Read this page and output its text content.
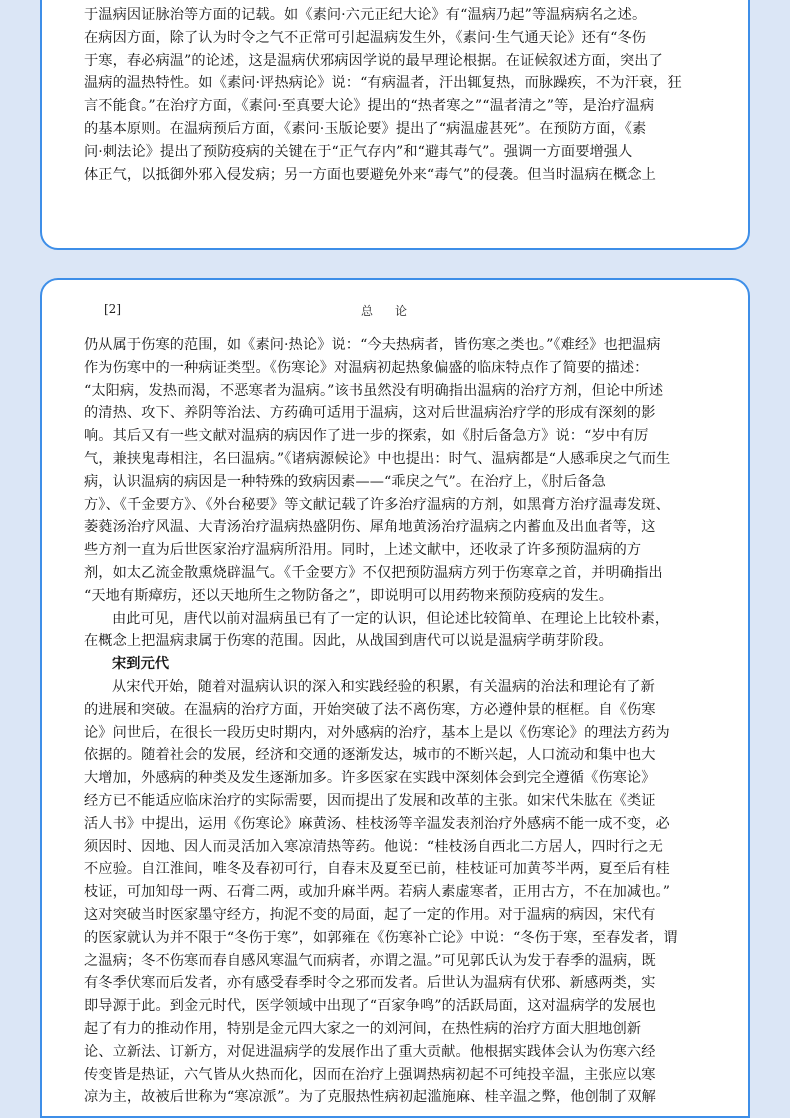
于温病因证脉治等方面的记载。如《素问·六元正纪大论》有“温病乃起”等温病病名之述。

在病因方面，除了认为时令之气不正常可引起温病发生外，《素问·生气通天论》还有“冬伤

于寒，春必病温”的论述，这是温病伏邪病因学说的最早理论根据。在证候叙述方面，突出了

温病的温热特性。如《素问·评热病论》说：“有病温者，汗出辄复热，而脉躁疾，不为汗衰，狂

言不能食。”在治疗方面，《素问·至真要大论》提出的“热者寒之”“温者清之”等，是治疗温病

的基本原则。在温病预后方面，《素问·玉版论要》提出了“病温虚甚死”。在预防方面，《素

问·刺法论》提出了预防疫病的关键在于“正气存内”和“避其毒气”。强调一方面要增强人

体正气，以抵御外邪入侵发病；另一方面也要避免外来“毒气”的侵袭。但当时温病在概念上

[2]	总论

仍从属于伤寒的范围，如《素问·热论》说：“今夫热病者，皆伤寒之类也。”《难经》也把温病

作为伤寒中的一种病证类型。《伤寒论》对温病初起热象偏盛的临床特点作了简要的描述：

“太阳病，发热而渴，不恶寒者为温病。”该书虽然没有明确指出温病的治疗方剂，但论中所述

的清热、攻下、养阴等治法、方药确可适用于温病，这对后世温病治疗学的形成有深刻的影

响。其后又有一些文献对温病的病因作了进一步的探索，如《肘后备急方》说：“岁中有厉

气，兼挟鬼毒相注，名曰温病。”《诸病源候论》中也提出：时气、温病都是“人感乖戾之气而生

病，认识温病的病因是一种特殊的致病因素——“乖戾之气”。在治疗上，《肘后备急

方》、《千金要方》、《外台秘要》等文献记载了许多治疗温病的方剂，如黑膏方治疗温毒发斑、

萎蕤汤治疗风温、大青汤治疗温病热盛阴伤、犀角地黄汤治疗温病之内蓄血及出血者等，这

些方剂一直为后世医家治疗温病所沿用。同时，上述文献中，还收录了许多预防温病的方

剂，如太乙流金散熏烧辟温气。《千金要方》不仅把预防温病方列于伤寒章之首，并明确指出

“天地有斯瘴疠，还以天地所生之物防备之”，即说明可以用药物来预防疫病的发生。

由此可见，唐代以前对温病虽已有了一定的认识，但论述比较简单、在理论上比较朴素，

在概念上把温病隶属于伤寒的范围。因此，从战国到唐代可以说是温病学萌芽阶段。

宋到元代

从宋代开始，随着对温病认识的深入和实践经验的积累，有关温病的治法和理论有了新

的进展和突破。在温病的治疗方面，开始突破了法不离伤寒，方必遵仲景的框框。自《伤寒

论》问世后，在很长一段历史时期内，对外感病的治疗，基本上是以《伤寒论》的理法方药为

依据的。随着社会的发展，经济和交通的逐渐发达，城市的不断兴起，人口流动和集中也大

大增加，外感病的种类及发生逐渐加多。许多医家在实践中深刻体会到完全遵循《伤寒论》

经方已不能适应临床治疗的实际需要，因而提出了发展和改革的主张。如宋代朱肱在《类证

活人书》中提出，运用《伤寒论》麻黄汤、桂枝汤等辛温发表剂治疗外感病不能一成不变，必

须因时、因地、因人而灵活加入寒凉清热等药。他说：“桂枝汤自西北二方居人，四时行之无

不应验。自江淮间，唯冬及春初可行，自春末及夏至已前，桂枝证可加黄芩半两，夏至后有桂

枝证，可加知母一两、石膏二两，或加升麻半两。若病人素虚寒者，正用古方，不在加减也。”

这对突破当时医家墨守经方，拘泥不变的局面，起了一定的作用。对于温病的病因，宋代有

的医家就认为并不限于“冬伤于寒”，如郭雍在《伤寒补亡论》中说：“冬伤于寒，至春发者，谓

之温病；冬不伤寒而春自感风寒温气而病者，亦谓之温。”可见郭氏认为发于春季的温病，既

有冬季伏寒而后发者，亦有感受春季时令之邪而发者。后世认为温病有伏邪、新感两类，实

即导源于此。到金元时代，医学领域中出现了“百家争鸣”的活跃局面，这对温病学的发展也

起了有力的推动作用，特别是金元四大家之一的刘河间，在热性病的治疗方面大胆地创新

论、立新法、订新方，对促进温病学的发展作出了重大贡献。他根据实践体会认为伤寒六经

传变皆是热证，六气皆从火热而化，因而在治疗上强调热病初起不可纯投辛温，主张应以寒

凉为主，故被后世称为“寒凉派”。为了克服热性病初起滥施麻、桂辛温之弊，他创制了双解
